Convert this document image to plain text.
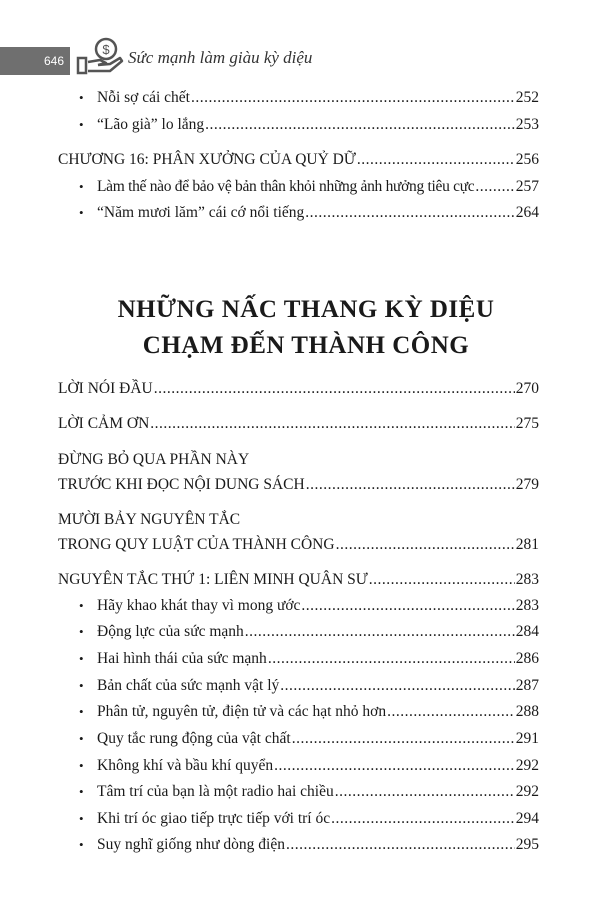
646
$ Sức mạnh làm giàu kỳ diệu
• Nỗi sợ cái chết .....	252
• “Lão già” lo lắng .....	253
CHƯƠNG 16: PHÂN XƯỞNG CỦA QUỶ DỮ .....	256
• Làm thế nào để bảo vệ bản thân khỏi những ảnh hưởng tiêu cực .....	257
• “Năm mươi lăm” cái cớ nổi tiếng .....	264
NHỮNG NẤC THANG KỲ DIỆU
CHẠM ĐẾN THÀNH CÔNG
LỜI NÓI ĐẦU .....	270
LỜI CẢM ƠN .....	275
ĐỪNG BỎ QUA PHẦN NÀY
TRƯỚC KHI ĐỌC NỘI DUNG SÁCH .....	279
MƯỜI BẢY NGUYÊN TẮC
TRONG QUY LUẬT CỦA THÀNH CÔNG .....	281
NGUYÊN TẮC THỨ 1: LIÊN MINH QUÂN SƯ .....	283
• Hãy khao khát thay vì mong ước .....	283
• Động lực của sức mạnh .....	284
• Hai hình thái của sức mạnh .....	286
• Bản chất của sức mạnh vật lý .....	287
• Phân tử, nguyên tử, điện tử và các hạt nhỏ hơn .....	288
• Quy tắc rung động của vật chất .....	291
• Không khí và bầu khí quyển .....	292
• Tâm trí của bạn là một radio hai chiều .....	292
• Khi trí óc giao tiếp trực tiếp với trí óc .....	294
• Suy nghĩ giống như dòng điện .....	295
